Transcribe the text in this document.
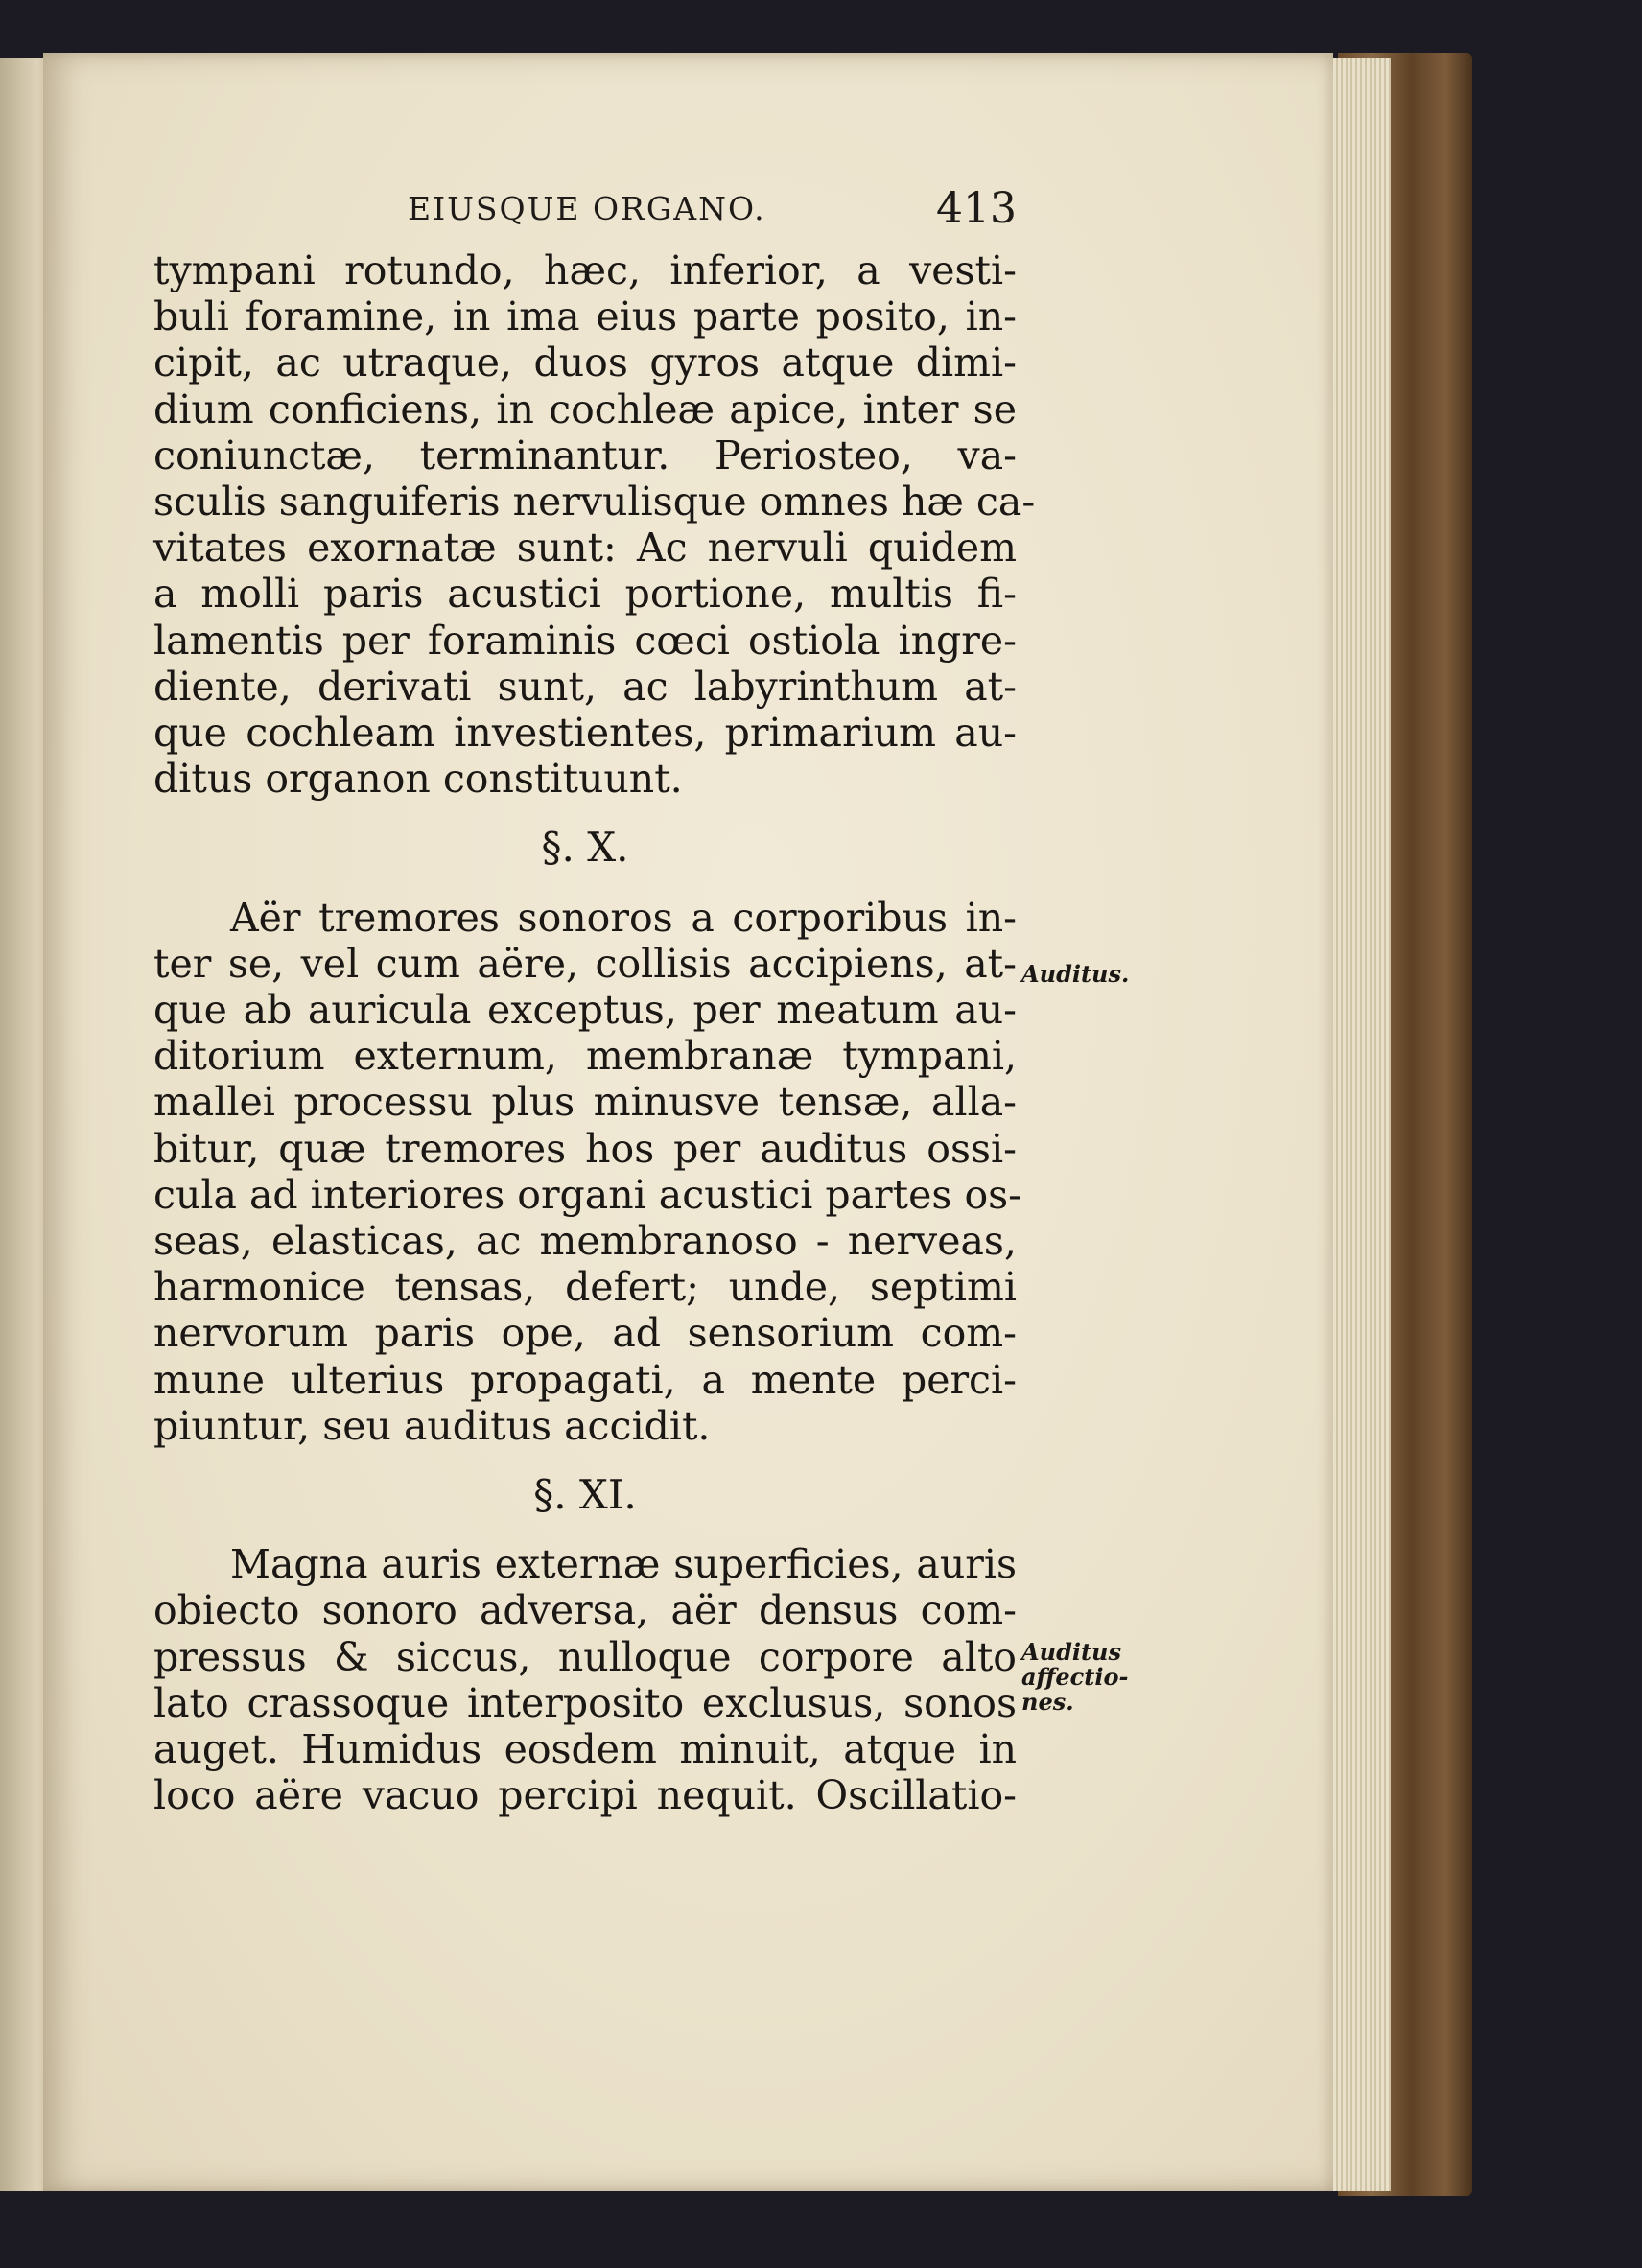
EIUSQUE ORGANO.	413
tympani rotundo, hæc, inferior, a vesti-
buli foramine, in ima eius parte posito, in-
cipit, ac utraque, duos gyros atque dimi-
dium conficiens, in cochleæ apice, inter se
coniunctæ, terminantur. Periosteo, va-
sculis sanguiferis nervulisque omnes hæ ca-
vitates exornatæ sunt: Ac nervuli quidem
a molli paris acustici portione, multis fi-
lamentis per foraminis cœci ostiola ingre-
diente, derivati sunt, ac labyrinthum at-
que cochleam investientes, primarium au-
ditus organon constituunt.
§. X.
Aër tremores sonoros a corporibus in-
ter se, vel cum aëre, collisis accipiens, at-
que ab auricula exceptus, per meatum au-
ditorium externum, membranæ tympani,
mallei processu plus minusve tensæ, alla-
bitur, quæ tremores hos per auditus ossi-
cula ad interiores organi acustici partes os-
seas, elasticas, ac membranoso - nerveas,
harmonice tensas, defert; unde, septimi
nervorum paris ope, ad sensorium com-
mune ulterius propagati, a mente perci-
piuntur, seu auditus accidit.
§. XI.
Magna auris externæ superficies, auris
obiecto sonoro adversa, aër densus com-
pressus & siccus, nulloque corpore alto
lato crassoque interposito exclusus, sonos
auget. Humidus eosdem minuit, atque in
loco aëre vacuo percipi nequit. Oscillatio-
Auditus.
Auditus
affectio-
nes.
